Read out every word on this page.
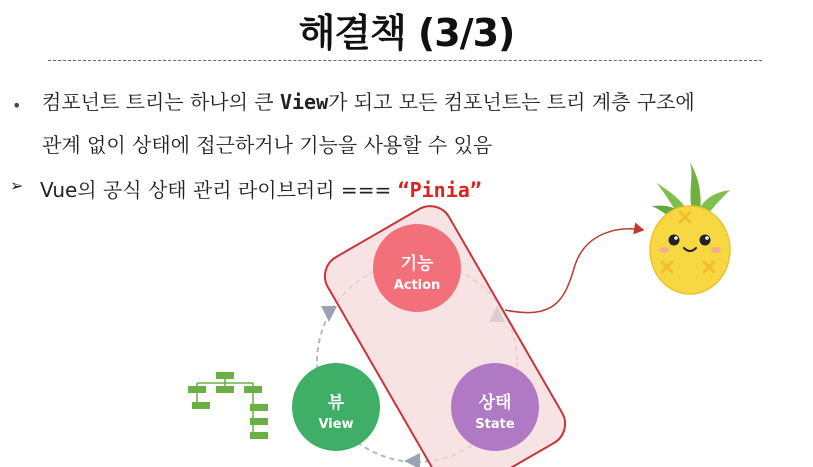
해결책 (3/3)
• 컴포넌트 트리는 하나의 큰 View가 되고 모든 컴포넌트는 트리 계층 구조에
관계 없이 상태에 접근하거나 기능을 사용할 수 있음
➢ Vue의 공식 상태 관리 라이브러리 === “Pinia”
기능
Action
상태
State
뷰
View
